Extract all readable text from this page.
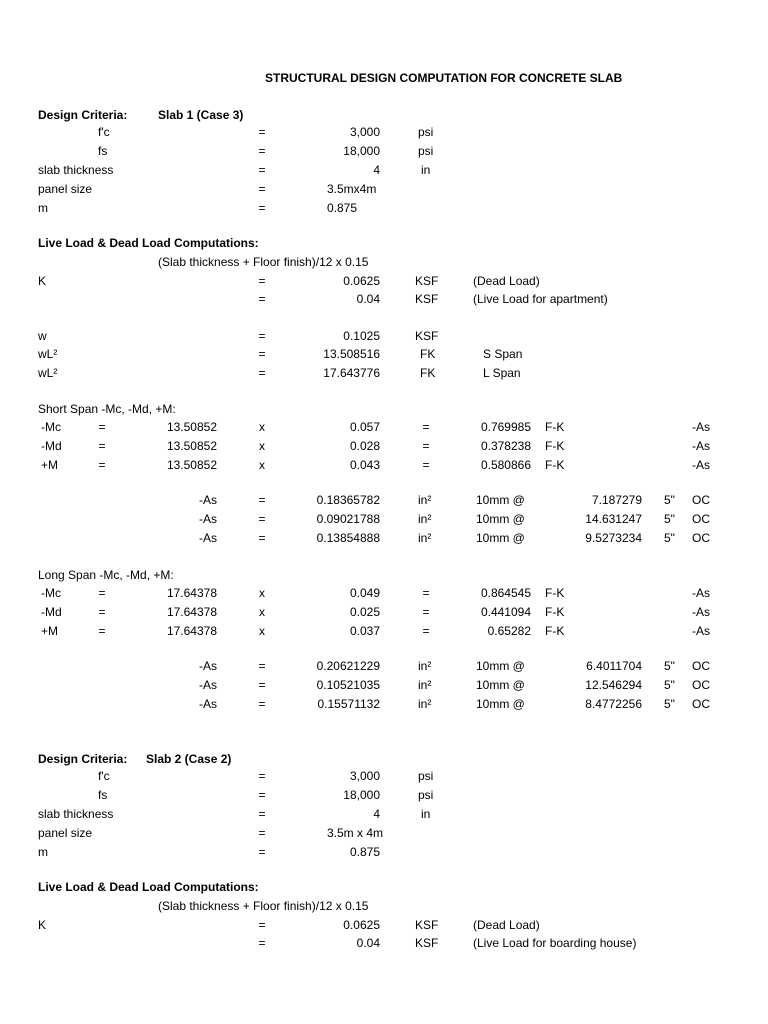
STRUCTURAL DESIGN COMPUTATION FOR CONCRETE SLAB
Design Criteria:
f'c	=	3,000	psi
fs	=	18,000	psi
slab thickness	=	4	in
panel size	=	3.5mx4m
m	=	0.875
Slab 1 (Case 3)
Live Load & Dead Load Computations:
(Slab thickness + Floor finish)/12 x 0.15
K	=	0.0625	KSF	(Dead Load)
=	0.04	KSF	(Live Load for apartment)
w	=	0.1025	KSF
wL²	=	13.508516	FK	S Span
wL²	=	17.643776	FK	L Span
Short Span -Mc, -Md, +M:
-Mc	=	13.50852	x	0.057	=	0.769985 F-K	-As
-Md	=	13.50852	x	0.028	=	0.378238 F-K	-As
+M	=	13.50852	x	0.043	=	0.580866 F-K	-As
-As	=	0.18365782	in²	10mm @	7.187279 5" OC
-As	=	0.09021788	in²	10mm @	14.631247 5" OC
-As	=	0.13854888	in²	10mm @	9.5273234 5" OC
Long Span -Mc, -Md, +M:
-Mc	=	17.64378	x	0.049	=	0.864545 F-K	-As
-Md	=	17.64378	x	0.025	=	0.441094 F-K	-As
+M	=	17.64378	x	0.037	=	0.65282 F-K	-As
-As	=	0.20621229	in²	10mm @	6.4011704 5" OC
-As	=	0.10521035	in²	10mm @	12.546294 5" OC
-As	=	0.15571132	in²	10mm @	8.4772256 5" OC
Design Criteria:
f'c	=	3,000	psi
fs	=	18,000	psi
slab thickness	=	4	in
panel size	=	3.5m x 4m
m	=	0.875
Slab 2 (Case 2)
Live Load & Dead Load Computations:
(Slab thickness + Floor finish)/12 x 0.15
K	=	0.0625	KSF	(Dead Load)
=	0.04	KSF	(Live Load for boarding house)
